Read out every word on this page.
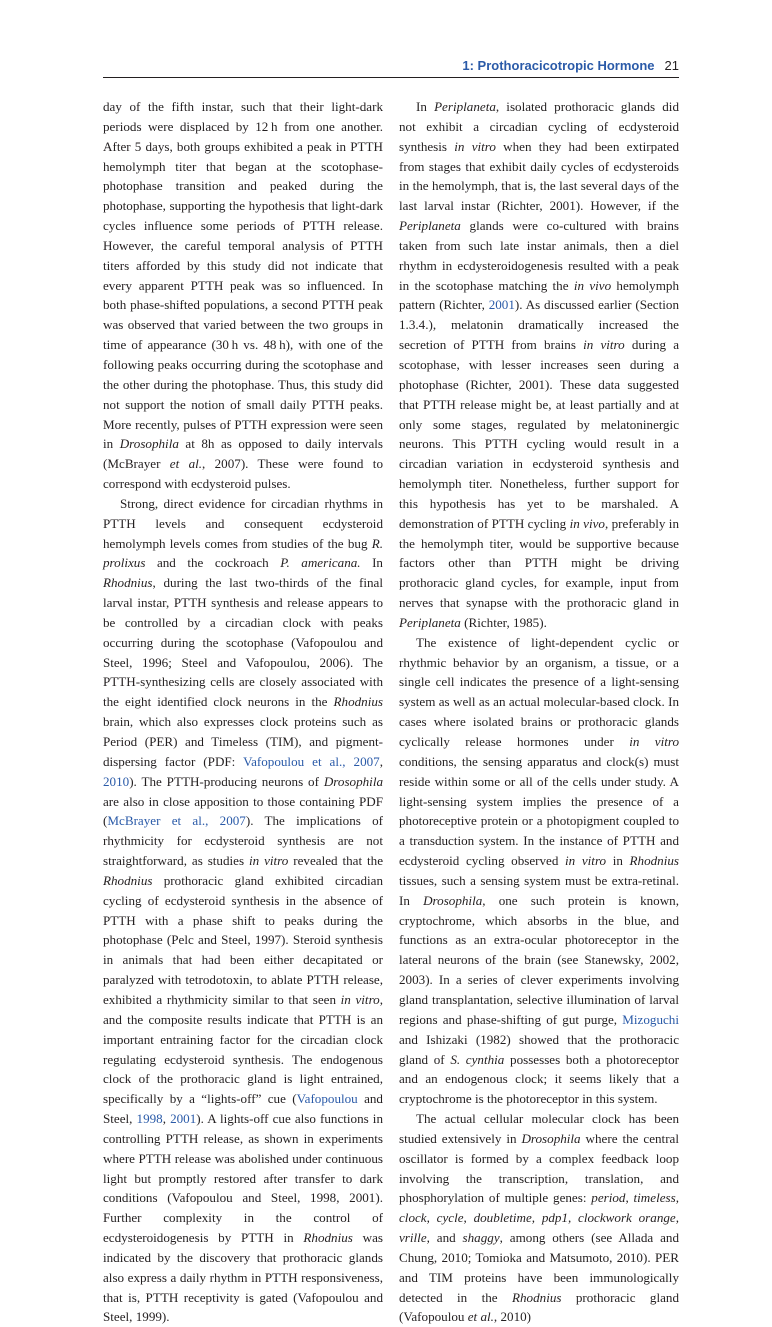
1: Prothoracicotropic Hormone 21

day of the fifth instar, such that their light-dark periods were displaced by 12 h from one another. After 5 days, both groups exhibited a peak in PTTH hemolymph titer that began at the scotophase-photophase transition and peaked during the photophase, supporting the hypothesis that light-dark cycles influence some periods of PTTH release. However, the careful temporal analysis of PTTH titers afforded by this study did not indicate that every apparent PTTH peak was so influenced. In both phase-shifted populations, a second PTTH peak was observed that varied between the two groups in time of appearance (30 h vs. 48 h), with one of the following peaks occurring during the scotophase and the other during the photophase. Thus, this study did not support the notion of small daily PTTH peaks. More recently, pulses of PTTH expression were seen in Drosophila at 8h as opposed to daily intervals (McBrayer et al., 2007). These were found to correspond with ecdysteroid pulses.

Strong, direct evidence for circadian rhythms in PTTH levels and consequent ecdysteroid hemolymph levels comes from studies of the bug R. prolixus and the cockroach P. americana. In Rhodnius, during the last two-thirds of the final larval instar, PTTH synthesis and release appears to be controlled by a circadian clock with peaks occurring during the scotophase (Vafopoulou and Steel, 1996; Steel and Vafopoulou, 2006). The PTTH-synthesizing cells are closely associated with the eight identified clock neurons in the Rhodnius brain, which also expresses clock proteins such as Period (PER) and Timeless (TIM), and pigment-dispersing factor (PDF: Vafopoulou et al., 2007, 2010). The PTTH-producing neurons of Drosophila are also in close apposition to those containing PDF (McBrayer et al., 2007). The implications of rhythmicity for ecdysteroid synthesis are not straightforward, as studies in vitro revealed that the Rhodnius prothoracic gland exhibited circadian cycling of ecdysteroid synthesis in the absence of PTTH with a phase shift to peaks during the photophase (Pelc and Steel, 1997). Steroid synthesis in animals that had been either decapitated or paralyzed with tetrodotoxin, to ablate PTTH release, exhibited a rhythmicity similar to that seen in vitro, and the composite results indicate that PTTH is an important entraining factor for the circadian clock regulating ecdysteroid synthesis. The endogenous clock of the prothoracic gland is light entrained, specifically by a “lights-off” cue (Vafopoulou and Steel, 1998, 2001). A lights-off cue also functions in controlling PTTH release, as shown in experiments where PTTH release was abolished under continuous light but promptly restored after transfer to dark conditions (Vafopoulou and Steel, 1998, 2001). Further complexity in the control of ecdysteroidogenesis by PTTH in Rhodnius was indicated by the discovery that prothoracic glands also express a daily rhythm in PTTH responsiveness, that is, PTTH receptivity is gated (Vafopoulou and Steel, 1999).

In Periplaneta, isolated prothoracic glands did not exhibit a circadian cycling of ecdysteroid synthesis in vitro when they had been extirpated from stages that exhibit daily cycles of ecdysteroids in the hemolymph, that is, the last several days of the last larval instar (Richter, 2001). However, if the Periplaneta glands were co-cultured with brains taken from such late instar animals, then a diel rhythm in ecdysteroidogenesis resulted with a peak in the scotophase matching the in vivo hemolymph pattern (Richter, 2001). As discussed earlier (Section 1.3.4.), melatonin dramatically increased the secretion of PTTH from brains in vitro during a scotophase, with lesser increases seen during a photophase (Richter, 2001). These data suggested that PTTH release might be, at least partially and at only some stages, regulated by melatoninergic neurons. This PTTH cycling would result in a circadian variation in ecdysteroid synthesis and hemolymph titer. Nonetheless, further support for this hypothesis has yet to be marshaled. A demonstration of PTTH cycling in vivo, preferably in the hemolymph titer, would be supportive because factors other than PTTH might be driving prothoracic gland cycles, for example, input from nerves that synapse with the prothoracic gland in Periplaneta (Richter, 1985).

The existence of light-dependent cyclic or rhythmic behavior by an organism, a tissue, or a single cell indicates the presence of a light-sensing system as well as an actual molecular-based clock. In cases where isolated brains or prothoracic glands cyclically release hormones under in vitro conditions, the sensing apparatus and clock(s) must reside within some or all of the cells under study. A light-sensing system implies the presence of a photoreceptive protein or a photopigment coupled to a transduction system. In the instance of PTTH and ecdysteroid cycling observed in vitro in Rhodnius tissues, such a sensing system must be extra-retinal. In Drosophila, one such protein is known, cryptochrome, which absorbs in the blue, and functions as an extra-ocular photoreceptor in the lateral neurons of the brain (see Stanewsky, 2002, 2003). In a series of clever experiments involving gland transplantation, selective illumination of larval regions and phase-shifting of gut purge, Mizoguchi and Ishizaki (1982) showed that the prothoracic gland of S. cynthia possesses both a photoreceptor and an endogenous clock; it seems likely that a cryptochrome is the photoreceptor in this system.

The actual cellular molecular clock has been studied extensively in Drosophila where the central oscillator is formed by a complex feedback loop involving the transcription, translation, and phosphorylation of multiple genes: period, timeless, clock, cycle, doubletime, pdp1, clockwork orange, vrille, and shaggy, among others (see Allada and Chung, 2010; Tomioka and Matsumoto, 2010). PER and TIM proteins have been immunologically detected in the Rhodnius prothoracic gland (Vafopoulou et al., 2010)
